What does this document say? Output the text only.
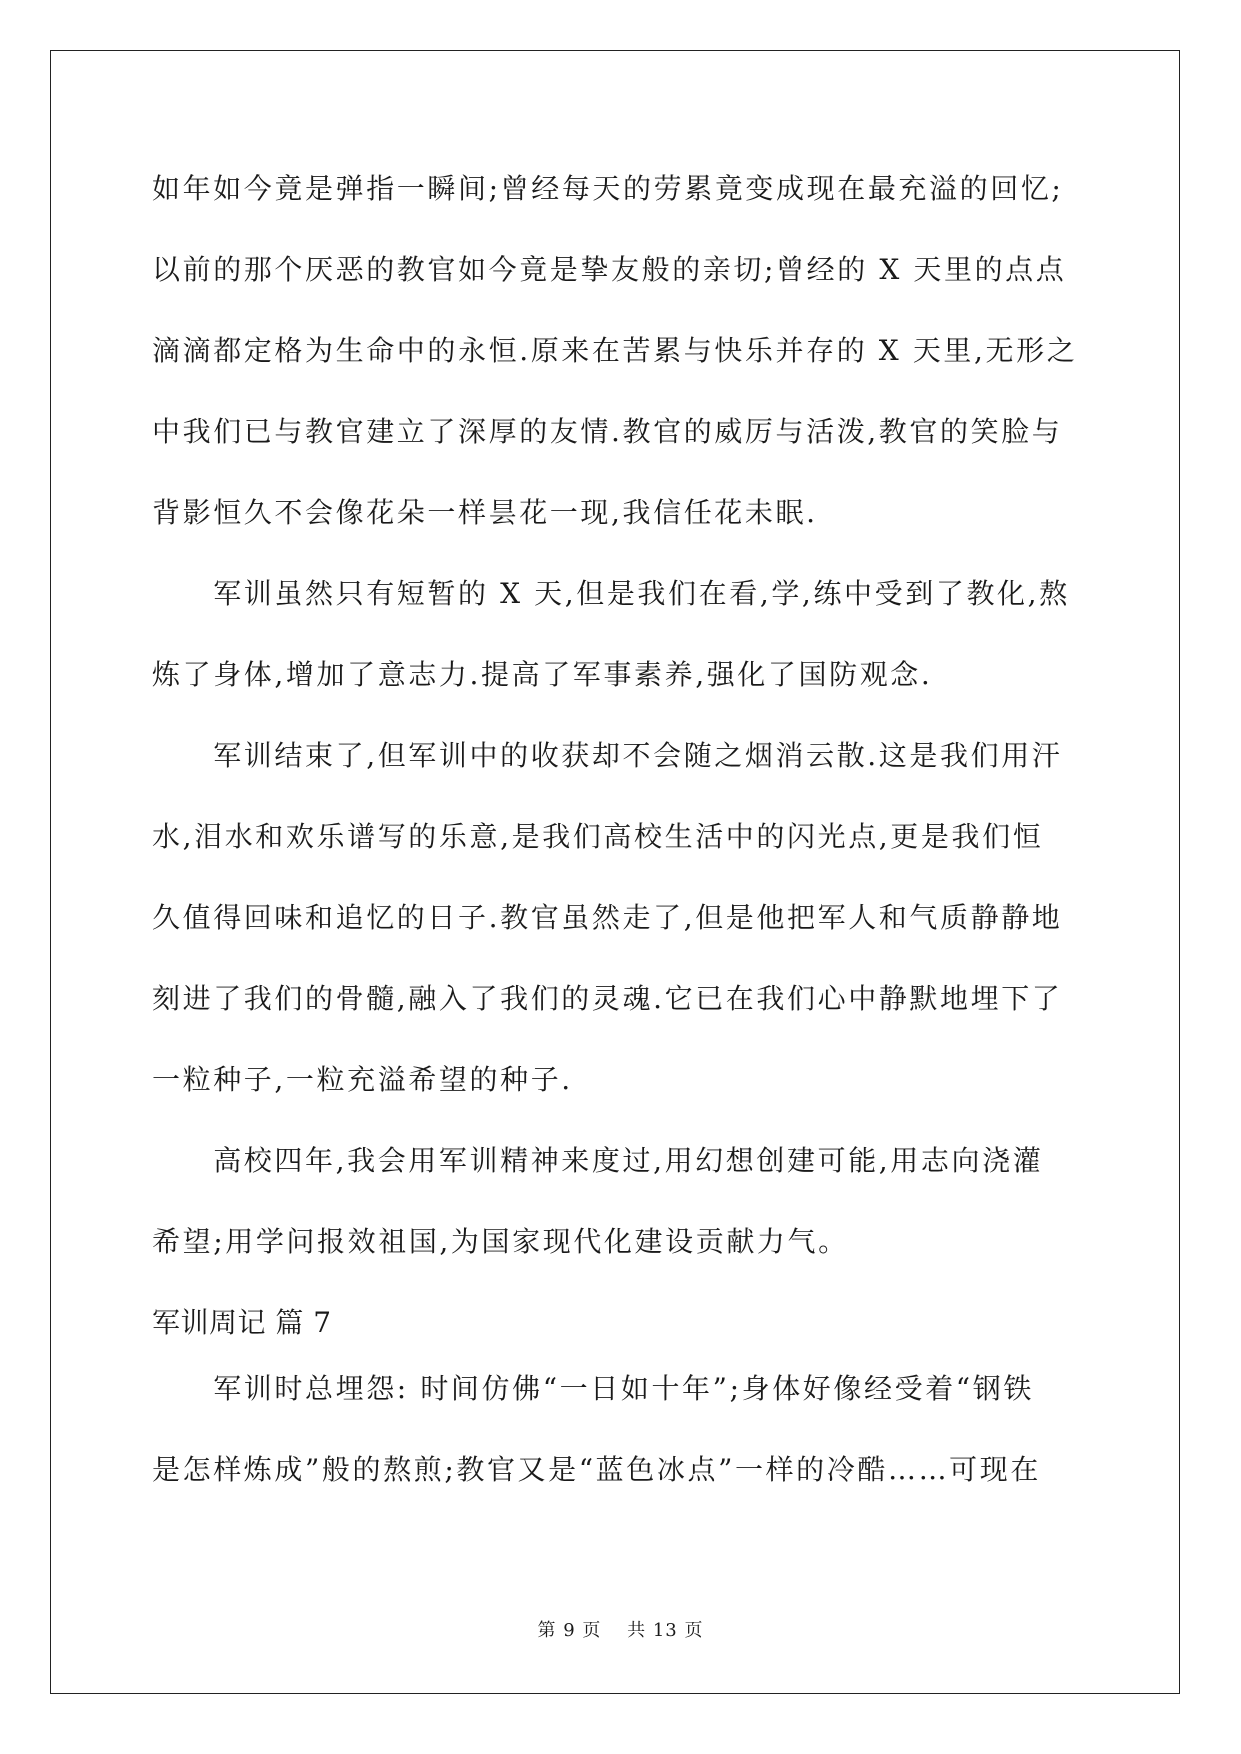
如年如今竟是弹指一瞬间;曾经每天的劳累竟变成现在最充溢的回忆;
以前的那个厌恶的教官如今竟是挚友般的亲切;曾经的 X 天里的点点
滴滴都定格为生命中的永恒.原来在苦累与快乐并存的 X 天里,无形之
中我们已与教官建立了深厚的友情.教官的威厉与活泼,教官的笑脸与
背影恒久不会像花朵一样昙花一现,我信任花未眠.
　　军训虽然只有短暂的 X 天,但是我们在看,学,练中受到了教化,熬
炼了身体,增加了意志力.提高了军事素养,强化了国防观念.
　　军训结束了,但军训中的收获却不会随之烟消云散.这是我们用汗
水,泪水和欢乐谱写的乐意,是我们高校生活中的闪光点,更是我们恒
久值得回味和追忆的日子.教官虽然走了,但是他把军人和气质静静地
刻进了我们的骨髓,融入了我们的灵魂.它已在我们心中静默地埋下了
一粒种子,一粒充溢希望的种子.
　　高校四年,我会用军训精神来度过,用幻想创建可能,用志向浇灌
希望;用学问报效祖国,为国家现代化建设贡献力气。
军训周记 篇 7
　　军训时总埋怨: 时间仿佛“一日如十年”;身体好像经受着“钢铁
是怎样炼成”般的熬煎;教官又是“蓝色冰点”一样的冷酷……可现在
第 9 页　 共 13 页
